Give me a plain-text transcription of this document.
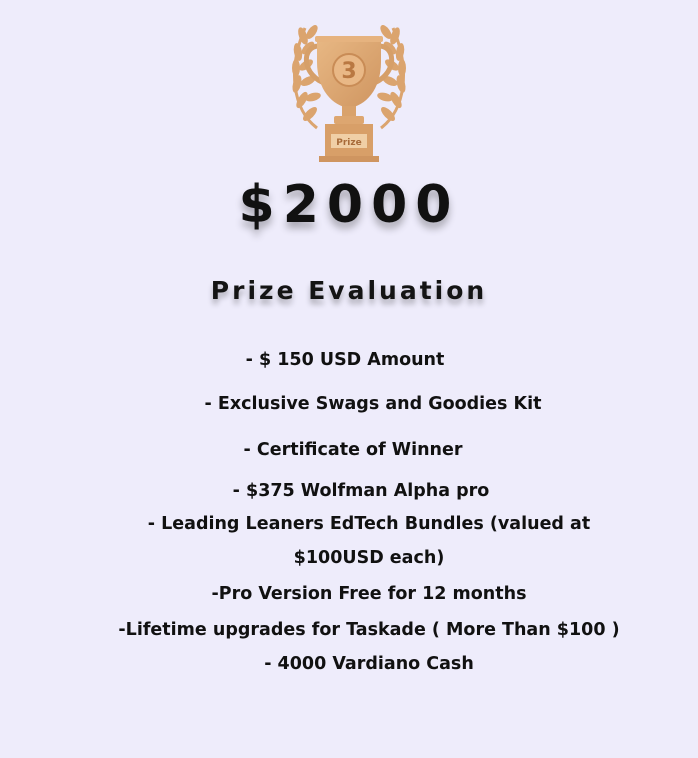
3
Prize
$2000
Prize Evaluation
- $ 150 USD Amount
- Exclusive Swags and Goodies Kit
- Certificate of Winner
- $375 Wolfman Alpha pro
- Leading Leaners EdTech Bundles (valued at
$100USD each)
-Pro Version Free for 12 months
-Lifetime upgrades for Taskade ( More Than $100 )
- 4000 Vardiano Cash
